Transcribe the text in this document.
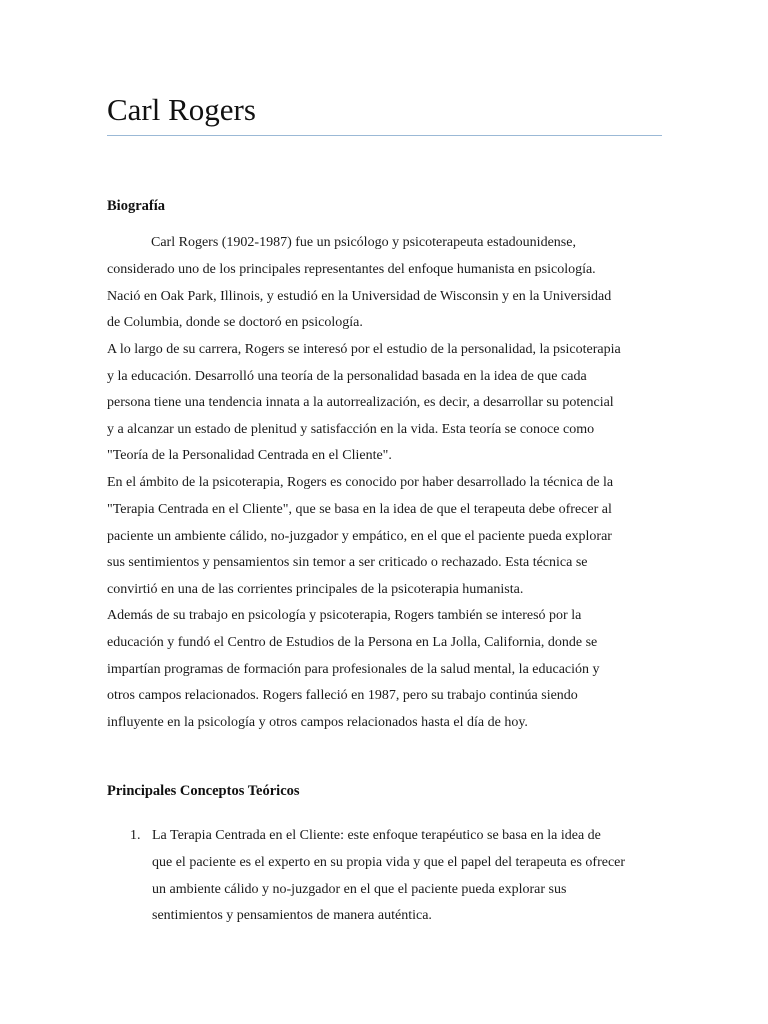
Carl Rogers
Biografía
Carl Rogers (1902-1987) fue un psicólogo y psicoterapeuta estadounidense,
considerado uno de los principales representantes del enfoque humanista en psicología.
Nació en Oak Park, Illinois, y estudió en la Universidad de Wisconsin y en la Universidad
de Columbia, donde se doctoró en psicología.
A lo largo de su carrera, Rogers se interesó por el estudio de la personalidad, la psicoterapia
y la educación. Desarrolló una teoría de la personalidad basada en la idea de que cada
persona tiene una tendencia innata a la autorrealización, es decir, a desarrollar su potencial
y a alcanzar un estado de plenitud y satisfacción en la vida. Esta teoría se conoce como
"Teoría de la Personalidad Centrada en el Cliente".
En el ámbito de la psicoterapia, Rogers es conocido por haber desarrollado la técnica de la
"Terapia Centrada en el Cliente", que se basa en la idea de que el terapeuta debe ofrecer al
paciente un ambiente cálido, no-juzgador y empático, en el que el paciente pueda explorar
sus sentimientos y pensamientos sin temor a ser criticado o rechazado. Esta técnica se
convirtió en una de las corrientes principales de la psicoterapia humanista.
Además de su trabajo en psicología y psicoterapia, Rogers también se interesó por la
educación y fundó el Centro de Estudios de la Persona en La Jolla, California, donde se
impartían programas de formación para profesionales de la salud mental, la educación y
otros campos relacionados. Rogers falleció en 1987, pero su trabajo continúa siendo
influyente en la psicología y otros campos relacionados hasta el día de hoy.
Principales Conceptos Teóricos
1. La Terapia Centrada en el Cliente: este enfoque terapéutico se basa en la idea de
que el paciente es el experto en su propia vida y que el papel del terapeuta es ofrecer
un ambiente cálido y no-juzgador en el que el paciente pueda explorar sus
sentimientos y pensamientos de manera auténtica.
